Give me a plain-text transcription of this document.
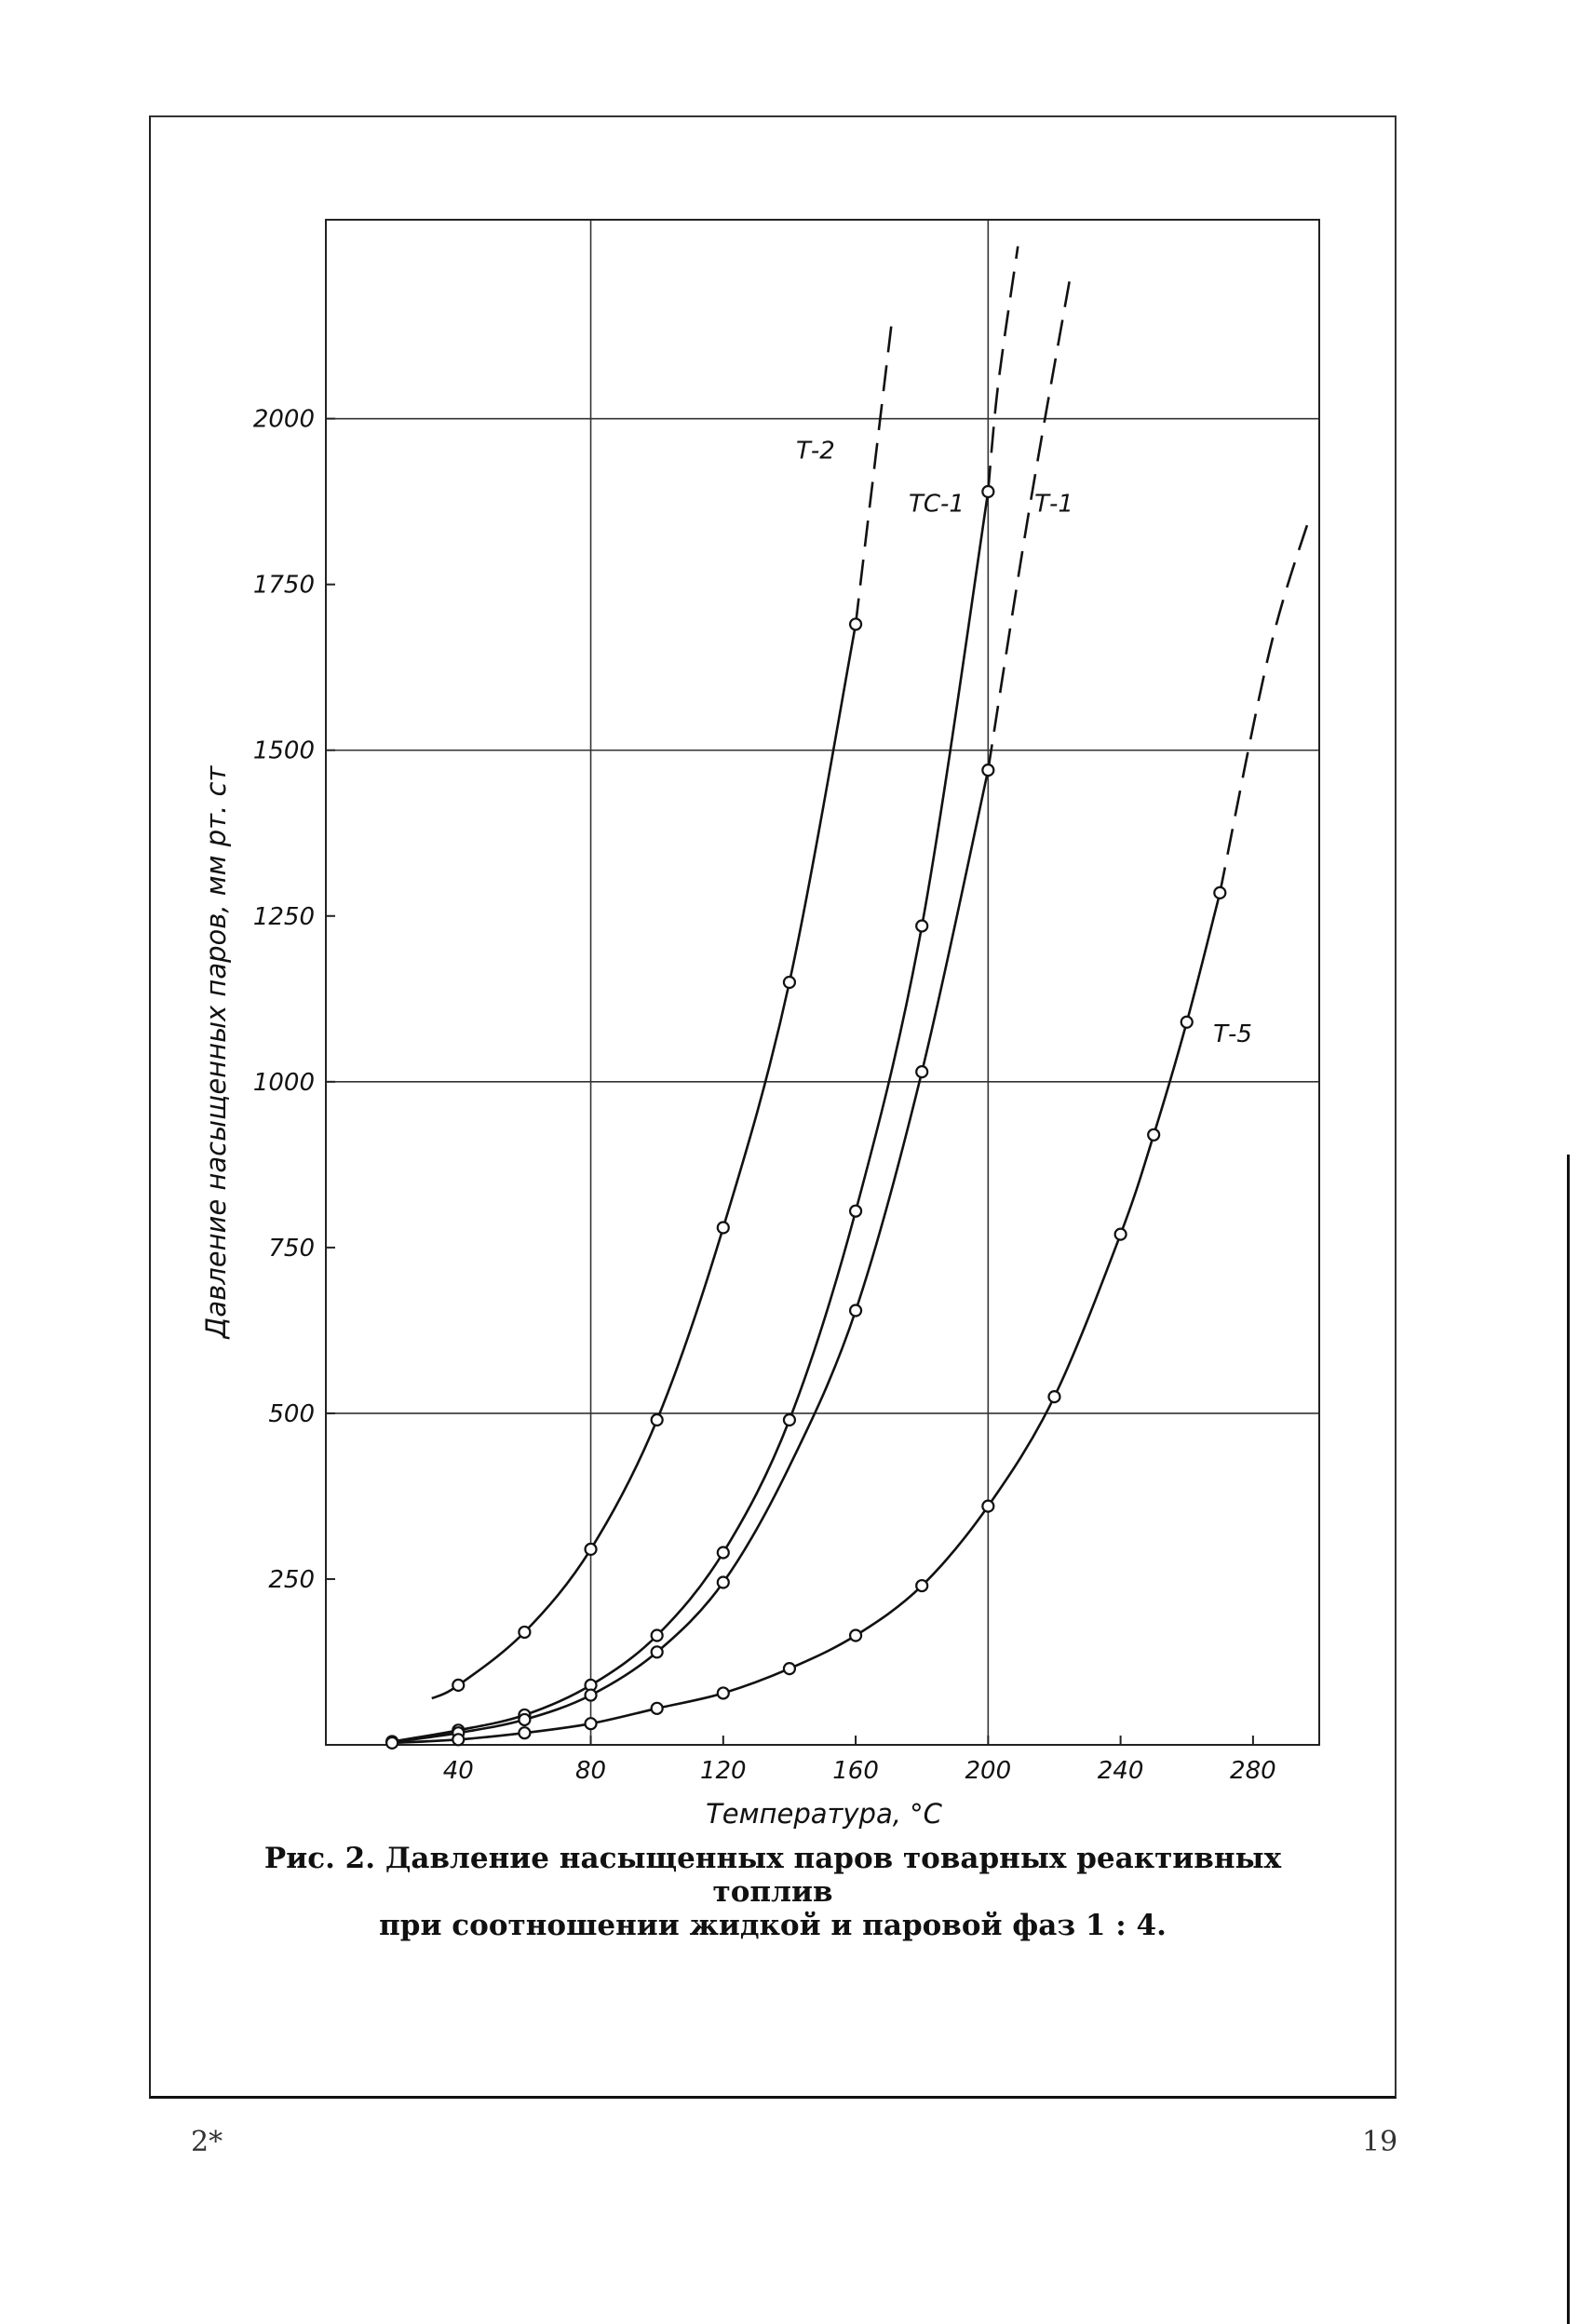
40	80	120	160	200	240	280
250
500
750
1000
1250
1500
1750
2000
Т-2
ТС-1	Т-1
Т-5
Температура, °C
Давление насыщенных паров, мм рт. ст
Рис. 2. Давление насыщенных паров товарных реактивных топлив
при соотношении жидкой и паровой фаз 1 : 4.
2*	19
